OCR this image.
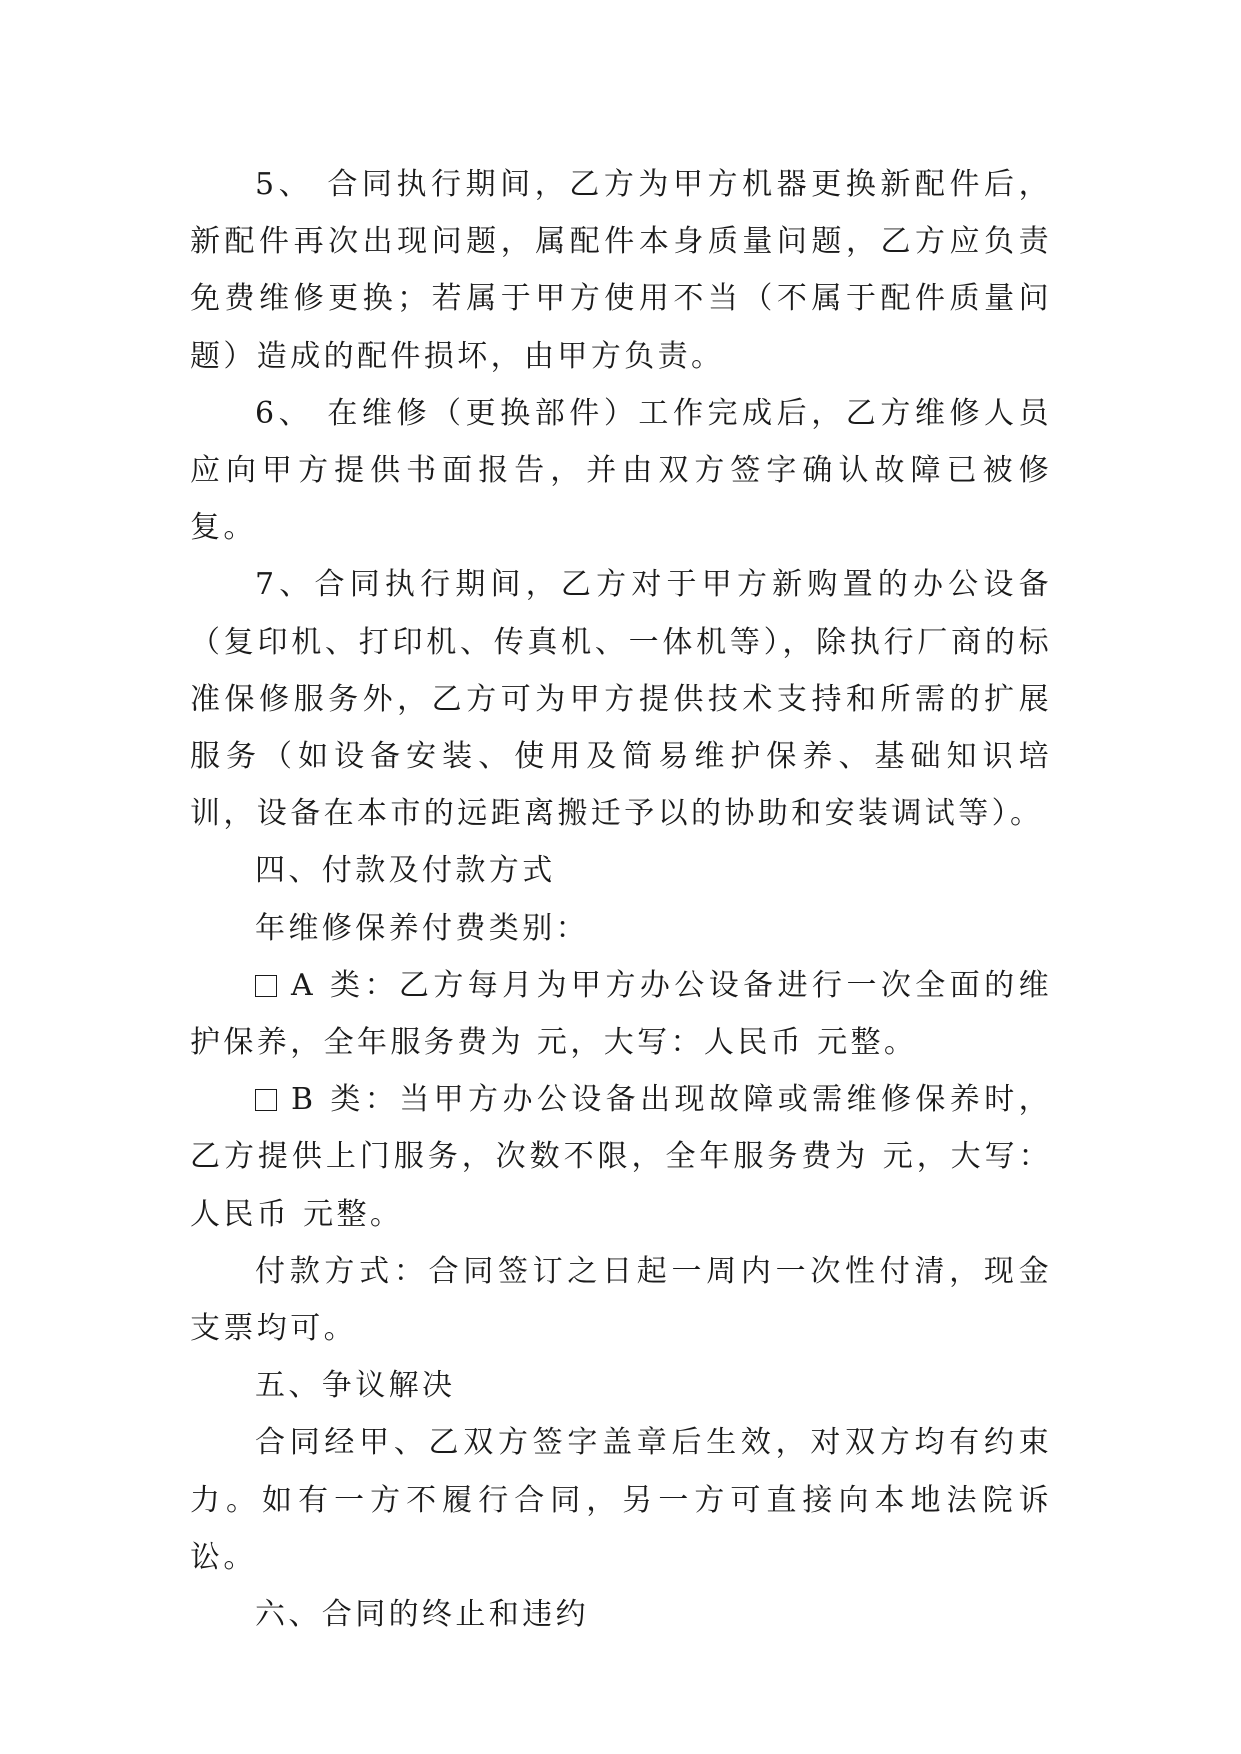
5、 合同执行期间，乙方为甲方机器更换新配件后，新配件再次出现问题，属配件本身质量问题，乙方应负责免费维修更换；若属于甲方使用不当（不属于配件质量问题）造成的配件损坏，由甲方负责。

6、 在维修（更换部件）工作完成后，乙方维修人员应向甲方提供书面报告，并由双方签字确认故障已被修复。

7、合同执行期间，乙方对于甲方新购置的办公设备（复印机、打印机、传真机、一体机等），除执行厂商的标准保修服务外，乙方可为甲方提供技术支持和所需的扩展服务（如设备安装、使用及简易维护保养、基础知识培训，设备在本市的远距离搬迁予以的协助和安装调试等）。

四、付款及付款方式

年维修保养付费类别：

A 类：乙方每月为甲方办公设备进行一次全面的维护保养，全年服务费为 元，大写：人民币 元整。

B 类：当甲方办公设备出现故障或需维修保养时，乙方提供上门服务，次数不限，全年服务费为 元，大写：人民币 元整。

付款方式：合同签订之日起一周内一次性付清，现金支票均可。

五、争议解决

合同经甲、乙双方签字盖章后生效，对双方均有约束力。如有一方不履行合同，另一方可直接向本地法院诉讼。

六、合同的终止和违约
